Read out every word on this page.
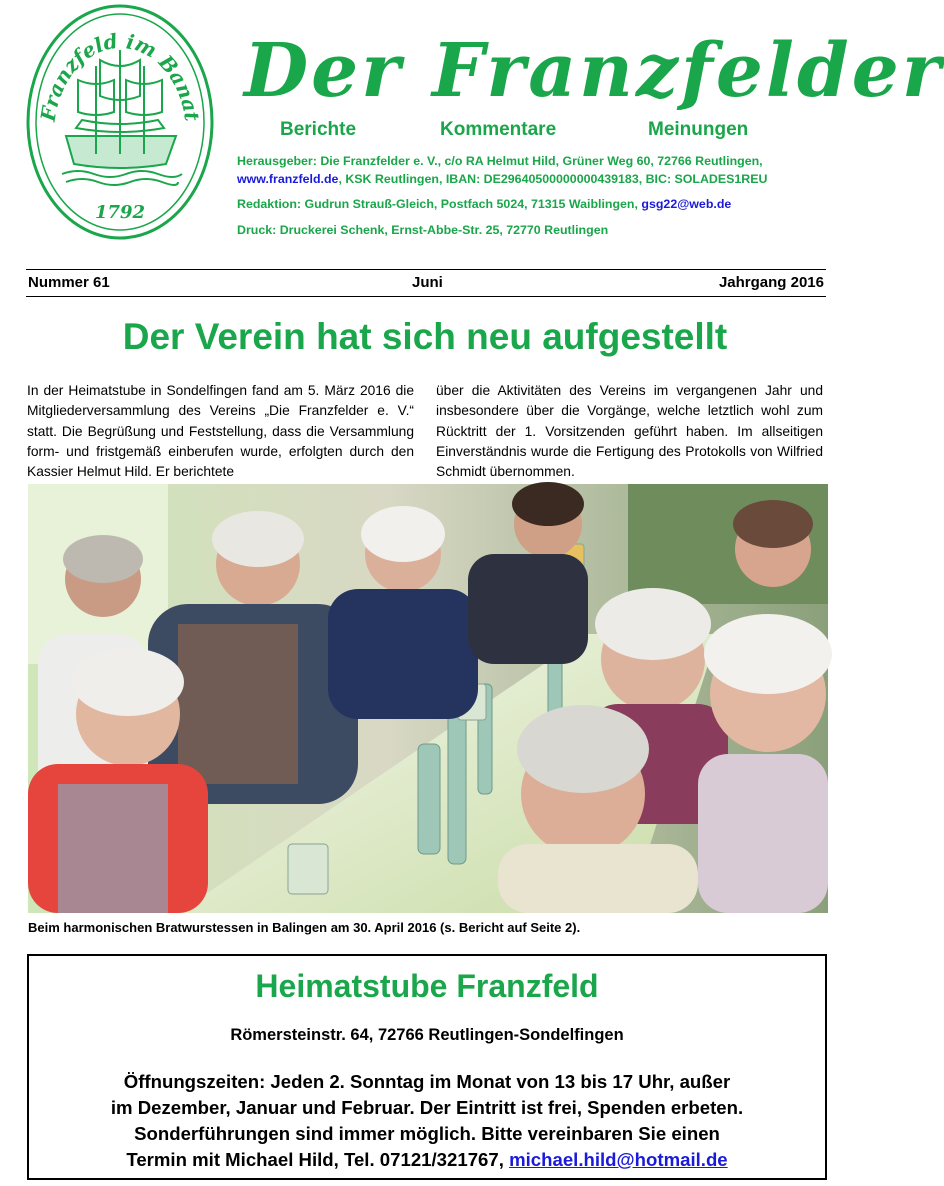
Franzfeld im Banat
1792
Der Franzfelder
Berichte	Kommentare	Meinungen
Herausgeber: Die Franzfelder e. V., c/o RA Helmut Hild, Grüner Weg 60, 72766 Reutlingen,
www.franzfeld.de, KSK Reutlingen, IBAN: DE29640500000000439183, BIC: SOLADES1REU
Redaktion: Gudrun Strauß-Gleich, Postfach 5024, 71315 Waiblingen, gsg22@web.de
Druck: Druckerei Schenk, Ernst-Abbe-Str. 25, 72770 Reutlingen
Nummer 61	Juni	Jahrgang 2016
Der Verein hat sich neu aufgestellt

In der Heimatstube in Sondelfingen fand am 5. März 2016 die Mitgliederversammlung des Vereins „Die Franzfelder e. V.“ statt. Die Begrüßung und Feststellung, dass die Versammlung form- und fristgemäß einberufen wurde, erfolgten durch den Kassier Helmut Hild. Er berichtete

über die Aktivitäten des Vereins im vergangenen Jahr und insbesondere über die Vorgänge, welche letztlich wohl zum Rücktritt der 1. Vorsitzenden geführt haben. Im allseitigen Einverständnis wurde die Fertigung des Protokolls von Wilfried Schmidt übernommen.

Beim harmonischen Bratwurstessen in Balingen am 30. April 2016 (s. Bericht auf Seite 2).
Heimatstube Franzfeld
Römersteinstr. 64, 72766 Reutlingen-Sondelfingen
Öffnungszeiten: Jeden 2. Sonntag im Monat von 13 bis 17 Uhr, außer
im Dezember, Januar und Februar. Der Eintritt ist frei, Spenden erbeten.
Sonderführungen sind immer möglich. Bitte vereinbaren Sie einen
Termin mit Michael Hild, Tel. 07121/321767, michael.hild@hotmail.de
